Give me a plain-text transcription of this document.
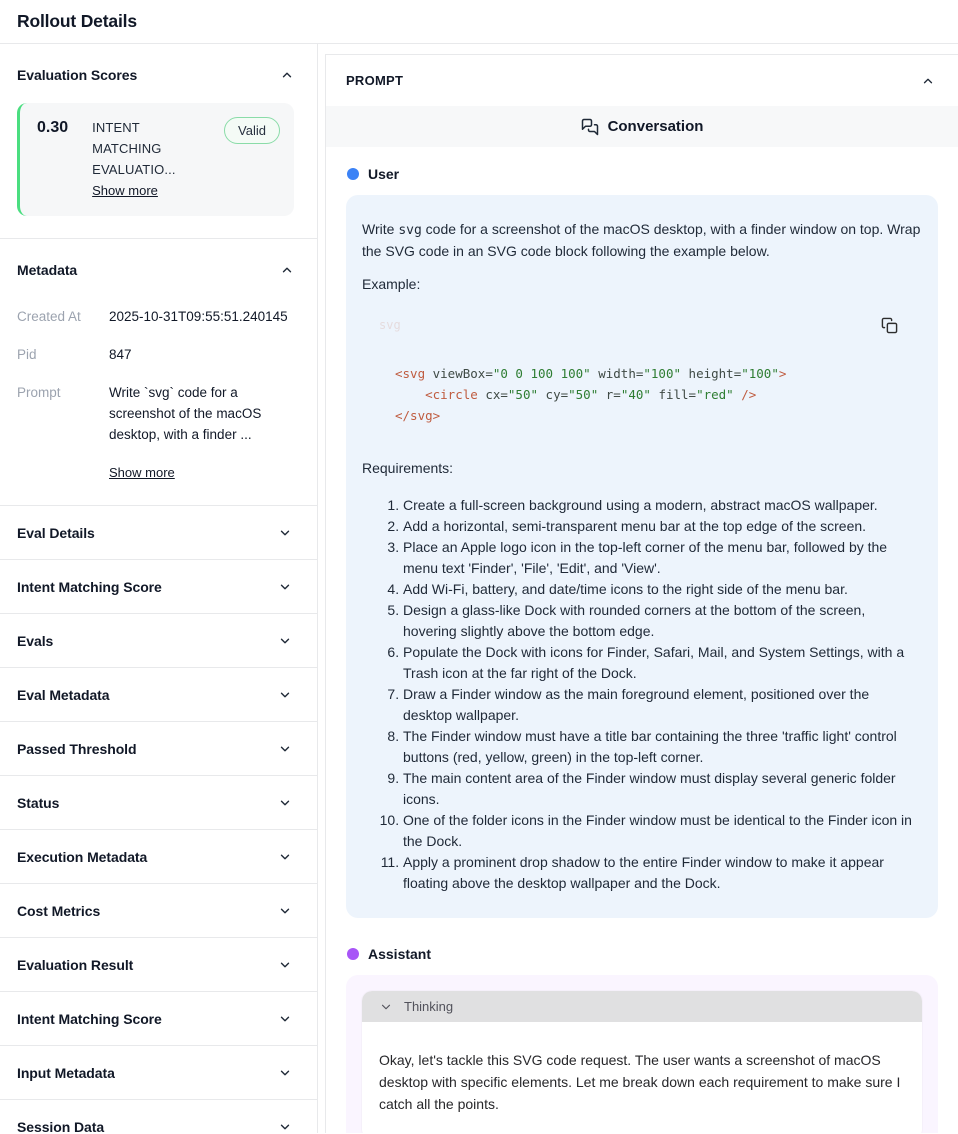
Rollout Details
Evaluation Scores
0.30 INTENT MATCHING EVALUATIO... Show more
Valid
Metadata
Created At	2025-10-31T09:55:51.240145
Pid	847
Prompt	Write `svg` code for a screenshot of the macOS desktop, with a finder ...
Show more
Eval Details
Intent Matching Score
Evals
Eval Metadata
Passed Threshold
Status
Execution Metadata
Cost Metrics
Evaluation Result
Intent Matching Score
Input Metadata
Session Data
PROMPT
Conversation
User

Write svg code for a screenshot of the macOS desktop, with a finder window on top. Wrap the SVG code in an SVG code block following the example below.

Example:

svg
<svg viewBox="0 0 100 100" width="100" height="100">
<circle cx="50" cy="50" r="40" fill="red" />
</svg>

Requirements:

1. Create a full-screen background using a modern, abstract macOS wallpaper.
2. Add a horizontal, semi-transparent menu bar at the top edge of the screen.
3. Place an Apple logo icon in the top-left corner of the menu bar, followed by the menu text 'Finder', 'File', 'Edit', and 'View'.
4. Add Wi-Fi, battery, and date/time icons to the right side of the menu bar.
5. Design a glass-like Dock with rounded corners at the bottom of the screen, hovering slightly above the bottom edge.
6. Populate the Dock with icons for Finder, Safari, Mail, and System Settings, with a Trash icon at the far right of the Dock.
7. Draw a Finder window as the main foreground element, positioned over the desktop wallpaper.
8. The Finder window must have a title bar containing the three 'traffic light' control buttons (red, yellow, green) in the top-left corner.
9. The main content area of the Finder window must display several generic folder icons.
10. One of the folder icons in the Finder window must be identical to the Finder icon in the Dock.
11. Apply a prominent drop shadow to the entire Finder window to make it appear floating above the desktop wallpaper and the Dock.
Assistant
Thinking
Okay, let's tackle this SVG code request. The user wants a screenshot of macOS desktop with specific elements. Let me break down each requirement to make sure I catch all the points.
